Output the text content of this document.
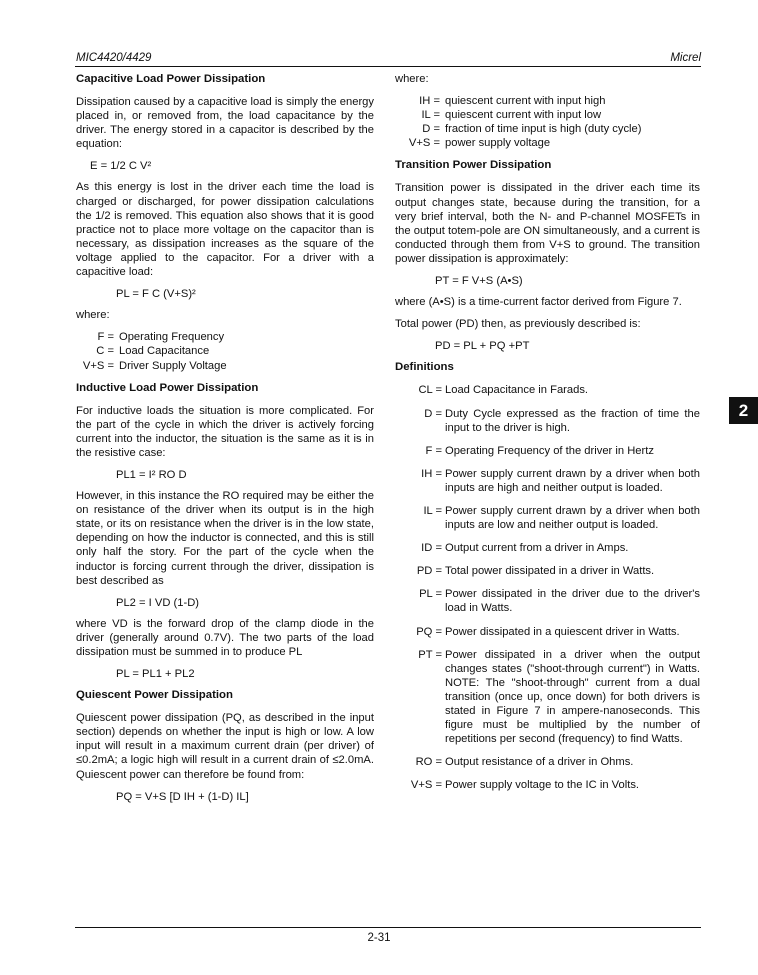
MIC4420/4429	Micrel
Capacitive Load Power Dissipation

Dissipation caused by a capacitive load is simply the energy placed in, or removed from, the load capacitance by the driver. The energy stored in a capacitor is described by the equation:

E = 1/2 C V²

As this energy is lost in the driver each time the load is charged or discharged, for power dissipation calculations the 1/2 is removed. This equation also shows that it is good practice not to place more voltage on the capacitor than is necessary, as dissipation increases as the square of the voltage applied to the capacitor. For a driver with a capacitive load:

PL = F C (V+S)²

where:

F = Operating Frequency
C = Load Capacitance
V+S = Driver Supply Voltage
Inductive Load Power Dissipation

For inductive loads the situation is more complicated. For the part of the cycle in which the driver is actively forcing current into the inductor, the situation is the same as it is in the resistive case:

PL1 = I² RO D

However, in this instance the RO required may be either the on resistance of the driver when its output is in the high state, or its on resistance when the driver is in the low state, depending on how the inductor is connected, and this is still only half the story. For the part of the cycle when the inductor is forcing current through the driver, dissipation is best described as

PL2 = I VD (1-D)

where VD is the forward drop of the clamp diode in the driver (generally around 0.7V). The two parts of the load dissipation must be summed in to produce PL

PL = PL1 + PL2
Quiescent Power Dissipation

Quiescent power dissipation (PQ, as described in the input section) depends on whether the input is high or low. A low input will result in a maximum current drain (per driver) of ≤0.2mA; a logic high will result in a current drain of ≤2.0mA. Quiescent power can therefore be found from:

PQ = V+S [D IH + (1-D) IL]

where:

IH = quiescent current with input high
IL = quiescent current with input low
D = fraction of time input is high (duty cycle)
V+S = power supply voltage
Transition Power Dissipation

Transition power is dissipated in the driver each time its output changes state, because during the transition, for a very brief interval, both the N- and P-channel MOSFETs in the output totem-pole are ON simultaneously, and a current is conducted through them from V+S to ground. The transition power dissipation is approximately:

PT = F V+S (A•S)

where (A•S) is a time-current factor derived from Figure 7.

Total power (PD) then, as previously described is:

PD = PL + PQ +PT
Definitions
CL = Load Capacitance in Farads.
D = Duty Cycle expressed as the fraction of time the input to the driver is high.
F = Operating Frequency of the driver in Hertz
IH = Power supply current drawn by a driver when both inputs are high and neither output is loaded.
IL = Power supply current drawn by a driver when both inputs are low and neither output is loaded.
ID = Output current from a driver in Amps.
PD = Total power dissipated in a driver in Watts.
PL = Power dissipated in the driver due to the driver's load in Watts.
PQ = Power dissipated in a quiescent driver in Watts.
PT = Power dissipated in a driver when the output changes states ("shoot-through current") in Watts. NOTE: The "shoot-through" current from a dual transition (once up, once down) for both drivers is stated in Figure 7 in ampere-nanoseconds. This figure must be multiplied by the number of repetitions per second (frequency) to find Watts.
RO = Output resistance of a driver in Ohms.
V+S = Power supply voltage to the IC in Volts.
2
2-31
